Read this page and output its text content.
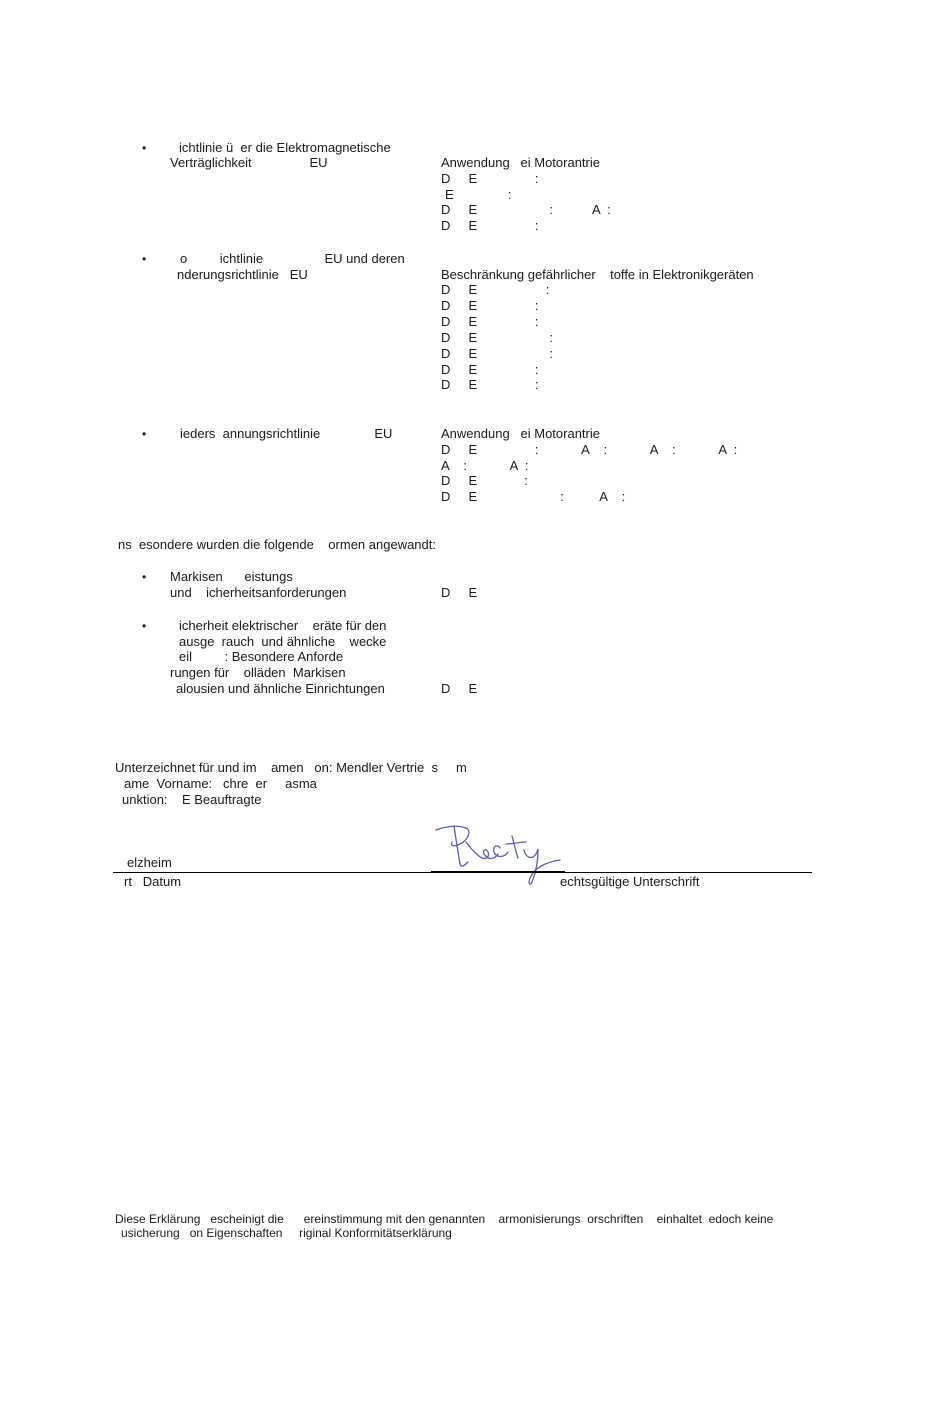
•	ichtlinie ü  er die Elektromagnetische
Verträglichkeit                EU	Anwendung   ei Motorantrie
D     E                :
E               :
D     E                    :           A  :
D     E                :
•	o         ichtlinie                 EU und deren
nderungsrichtlinie   EU	Beschränkung gefährlicher    toffe in Elektronikgeräten
D     E                   :
D     E                :
D     E                :
D     E                    :
D     E                    :
D     E                :
D     E                :
•	ieders  annungsrichtlinie               EU	Anwendung   ei Motorantrie
D     E                :            A    :            A    :            A  :
A    :            A  :
D     E             :
D     E                       :          A    :
ns  esondere wurden die folgende    ormen angewandt:
• Markisen      eistungs
und    icherheitsanforderungen	D     E
•	icherheit elektrischer    eräte für den
ausge  rauch  und ähnliche    wecke
eil         : Besondere Anforde
rungen für    olläden  Markisen
alousien und ähnliche Einrichtungen	D     E
Unterzeichnet für und im    amen   on: Mendler Vertrie  s     m
ame  Vorname:   chre  er     asma
unktion:    E Beauftragte
elzheim
rt   Datum	echtsgültige Unterschrift
Diese Erklärung   escheinigt die      ereinstimmung mit den genannten    armonisierungs  orschriften    einhaltet  edoch keine
usicherung   on Eigenschaften     riginal Konformitätserklärung
